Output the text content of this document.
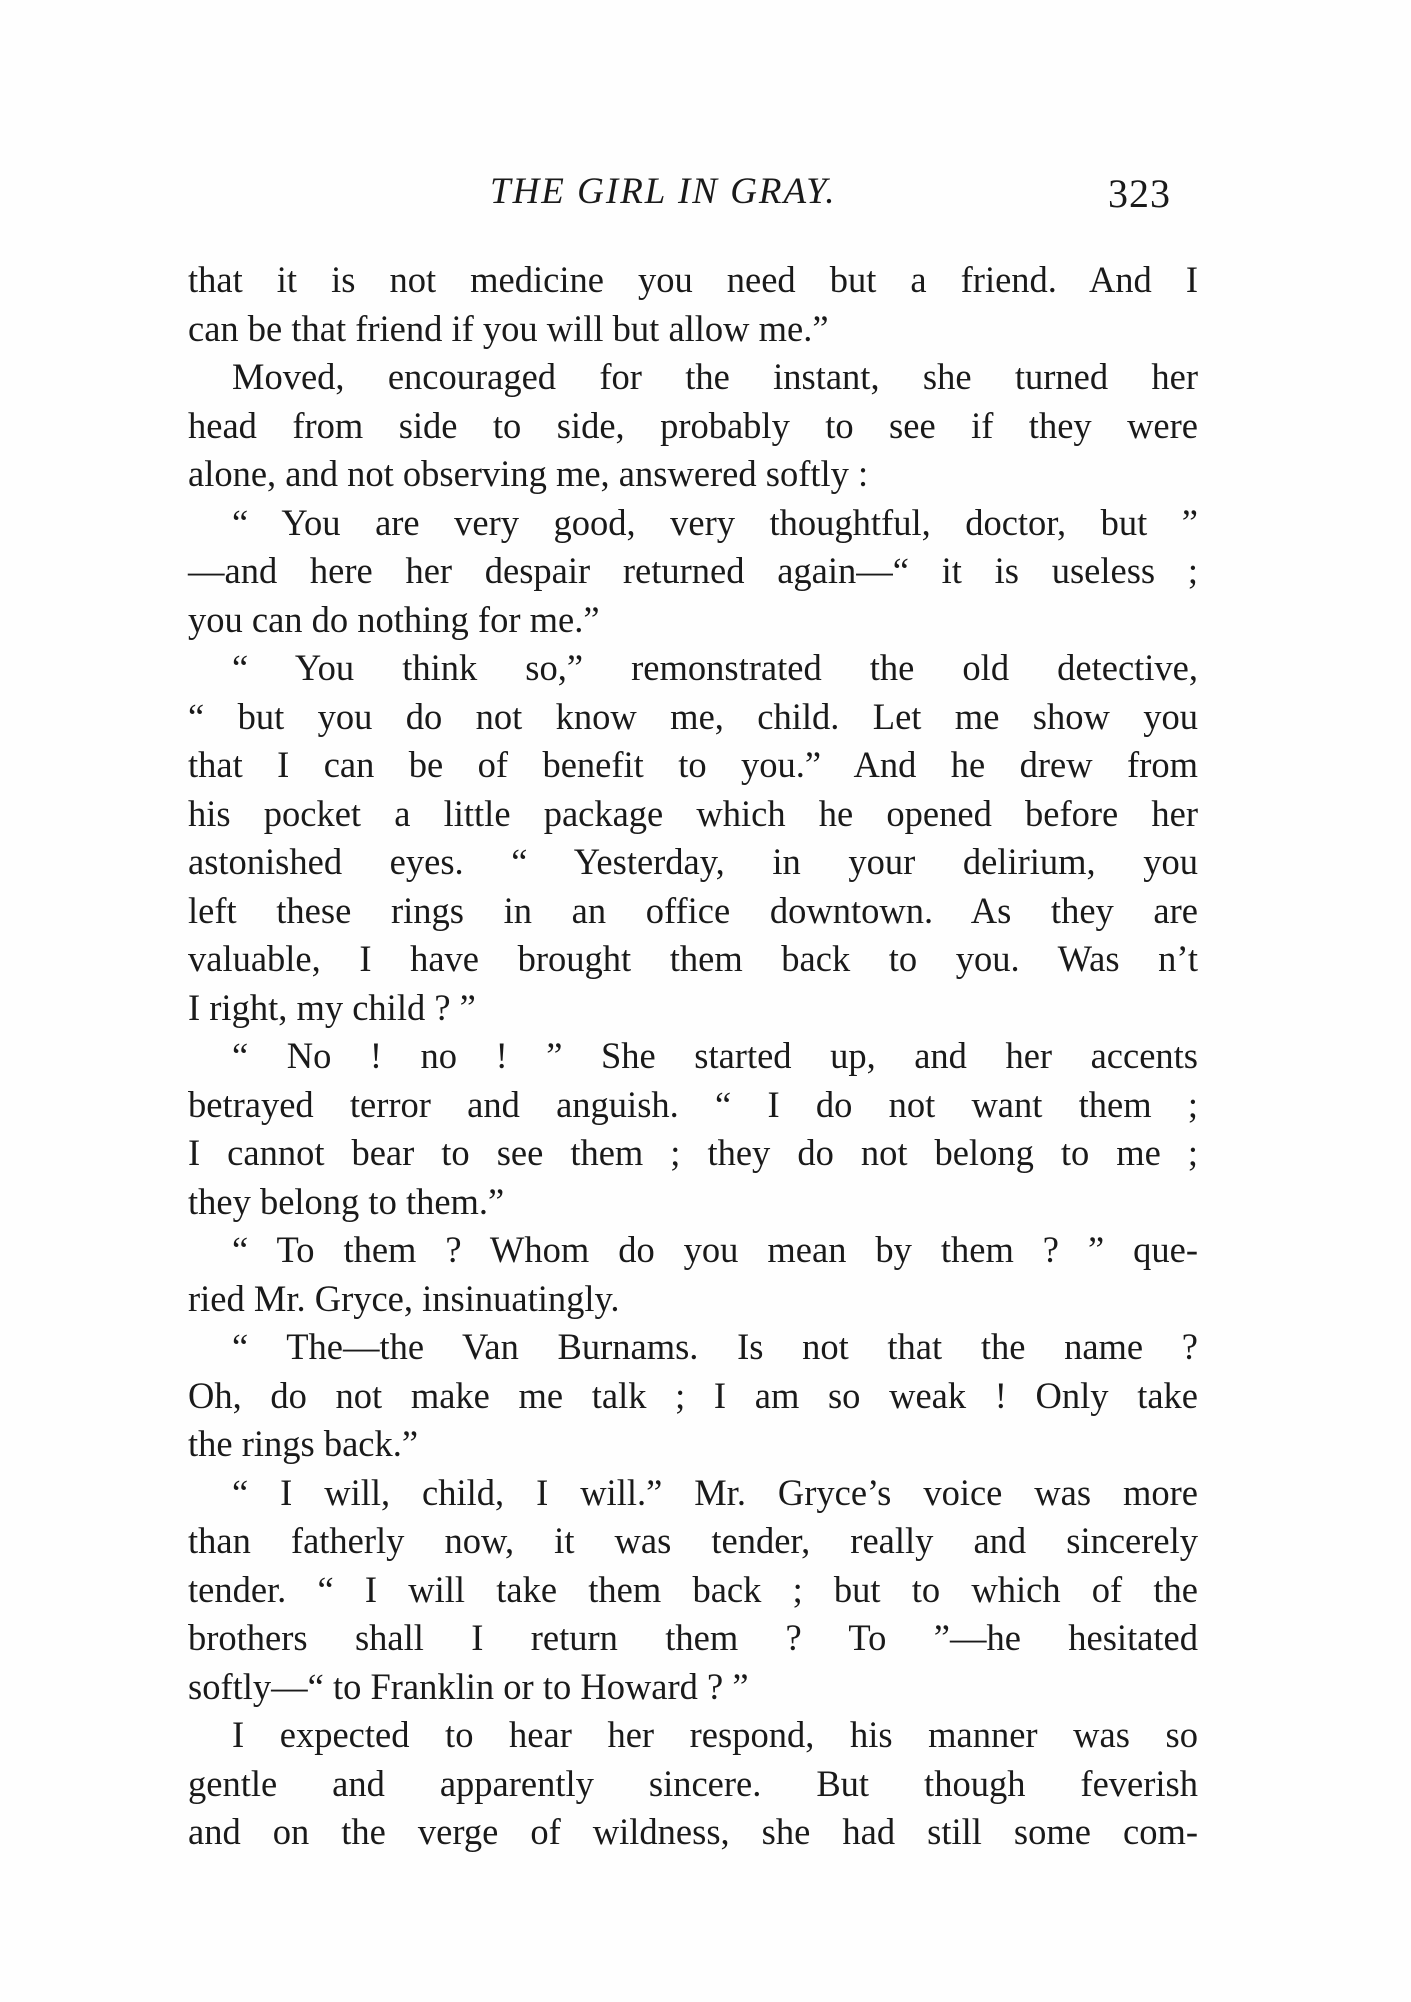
THE GIRL IN GRAY.	323
that it is not medicine you need but a friend. And I
can be that friend if you will but allow me.”
Moved, encouraged for the instant, she turned her
head from side to side, probably to see if they were
alone, and not observing me, answered softly :
“ You are very good, very thoughtful, doctor, but ”
—and here her despair returned again—“ it is useless ;
you can do nothing for me.”
“ You think so,” remonstrated the old detective,
“ but you do not know me, child. Let me show you
that I can be of benefit to you.” And he drew from
his pocket a little package which he opened before her
astonished eyes. “ Yesterday, in your delirium, you
left these rings in an office downtown. As they are
valuable, I have brought them back to you. Was n’t
I right, my child ? ”
“ No ! no ! ” She started up, and her accents
betrayed terror and anguish. “ I do not want them ;
I cannot bear to see them ; they do not belong to me ;
they belong to them.”
“ To them ? Whom do you mean by them ? ” que-
ried Mr. Gryce, insinuatingly.
“ The—the Van Burnams. Is not that the name ?
Oh, do not make me talk ; I am so weak ! Only take
the rings back.”
“ I will, child, I will.” Mr. Gryce’s voice was more
than fatherly now, it was tender, really and sincerely
tender. “ I will take them back ; but to which of the
brothers shall I return them ? To ”—he hesitated
softly—“ to Franklin or to Howard ? ”
I expected to hear her respond, his manner was so
gentle and apparently sincere. But though feverish
and on the verge of wildness, she had still some com-
